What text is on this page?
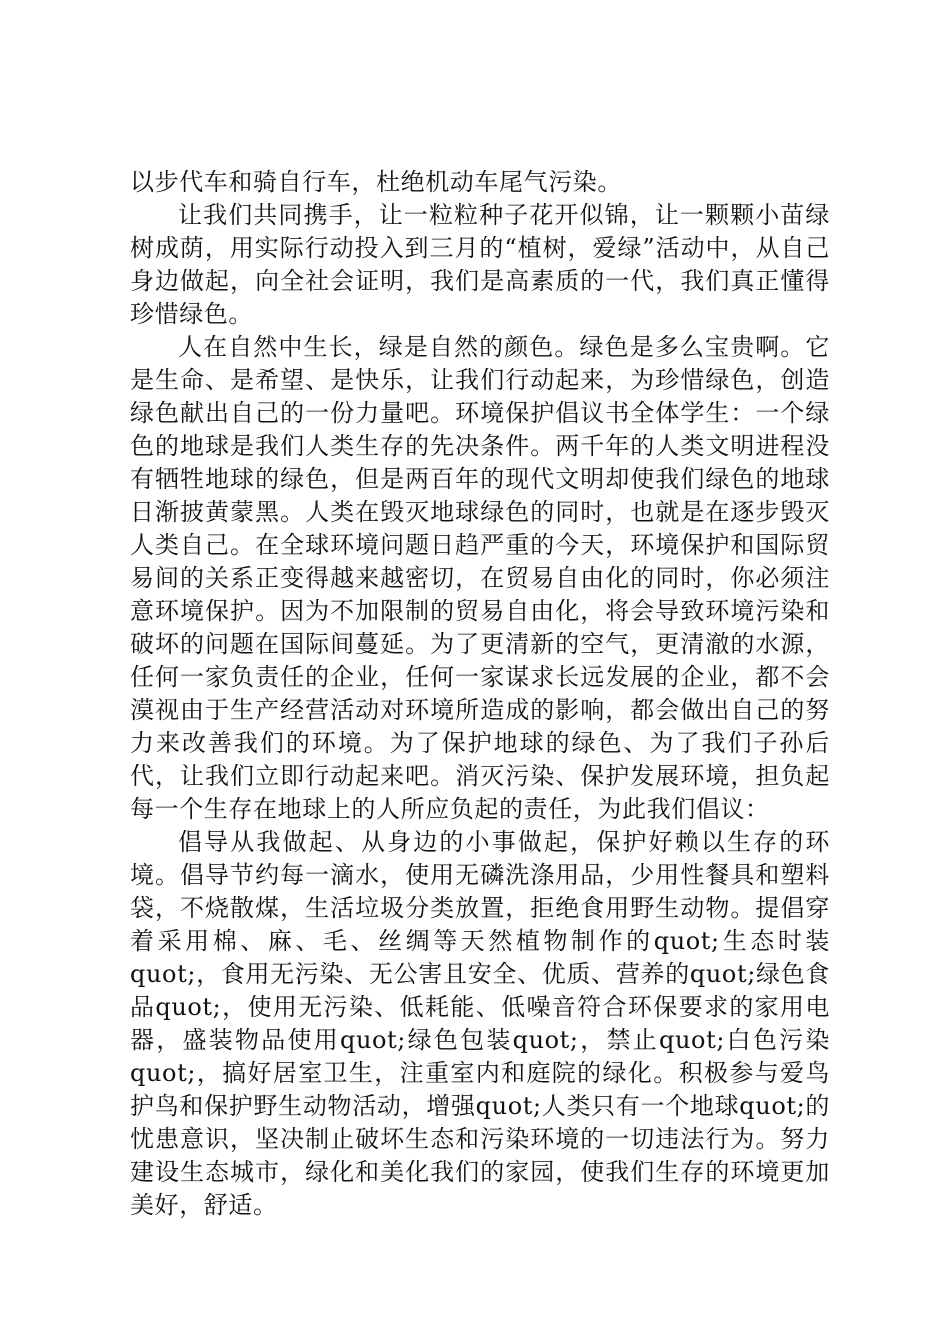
以步代车和骑自行车，杜绝机动车尾气污染。

让我们共同携手，让一粒粒种子花开似锦，让一颗颗小苗绿树成荫，用实际行动投入到三月的“植树，爱绿”活动中，从自己身边做起，向全社会证明，我们是高素质的一代，我们真正懂得珍惜绿色。

人在自然中生长，绿是自然的颜色。绿色是多么宝贵啊。它是生命、是希望、是快乐，让我们行动起来，为珍惜绿色，创造绿色献出自己的一份力量吧。环境保护倡议书全体学生：一个绿色的地球是我们人类生存的先决条件。两千年的人类文明进程没有牺牲地球的绿色，但是两百年的现代文明却使我们绿色的地球日渐披黄蒙黑。人类在毁灭地球绿色的同时，也就是在逐步毁灭人类自己。在全球环境问题日趋严重的今天，环境保护和国际贸易间的关系正变得越来越密切，在贸易自由化的同时，你必须注意环境保护。因为不加限制的贸易自由化，将会导致环境污染和破坏的问题在国际间蔓延。为了更清新的空气，更清澈的水源，任何一家负责任的企业，任何一家谋求长远发展的企业，都不会漠视由于生产经营活动对环境所造成的影响，都会做出自己的努力来改善我们的环境。为了保护地球的绿色、为了我们子孙后代，让我们立即行动起来吧。消灭污染、保护发展环境，担负起每一个生存在地球上的人所应负起的责任，为此我们倡议：

倡导从我做起、从身边的小事做起，保护好赖以生存的环境。倡导节约每一滴水，使用无磷洗涤用品，少用性餐具和塑料袋，不烧散煤，生活垃圾分类放置，拒绝食用野生动物。提倡穿着采用棉、麻、毛、丝绸等天然植物制作的quot;生态时装quot;，食用无污染、无公害且安全、优质、营养的quot;绿色食品quot;，使用无污染、低耗能、低噪音符合环保要求的家用电器，盛装物品使用quot;绿色包装quot;，禁止quot;白色污染quot;，搞好居室卫生，注重室内和庭院的绿化。积极参与爱鸟护鸟和保护野生动物活动，增强quot;人类只有一个地球quot;的忧患意识，坚决制止破坏生态和污染环境的一切违法行为。努力建设生态城市，绿化和美化我们的家园，使我们生存的环境更加美好，舒适。
